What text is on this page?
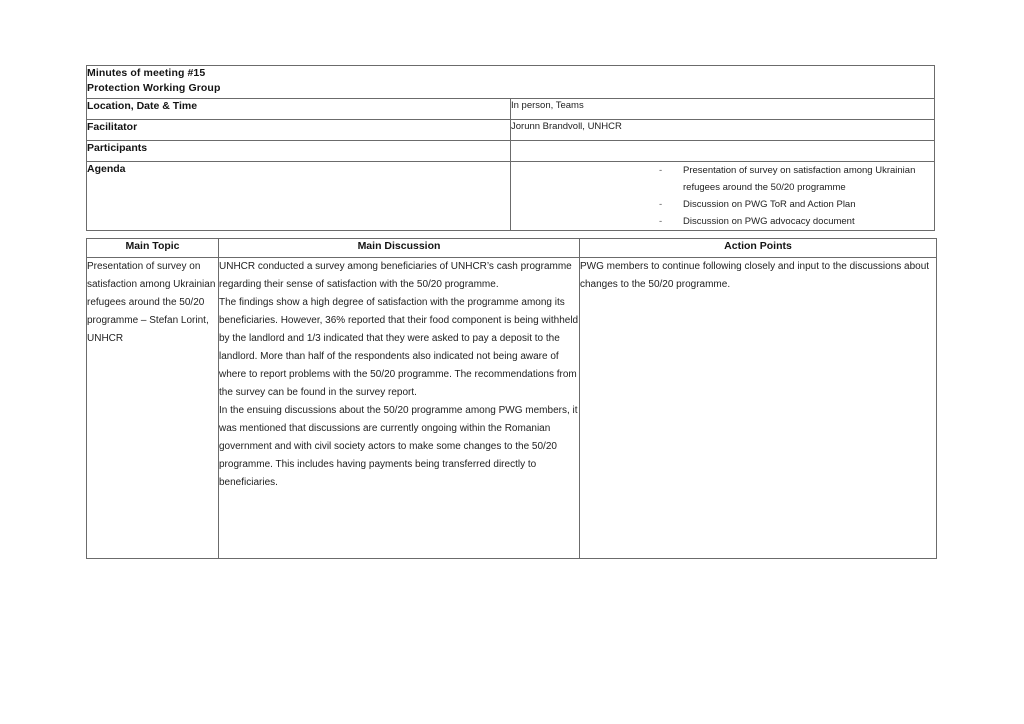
Minutes of meeting #15
Protection Working Group	

Location, Date & Time	In person, Teams

Facilitator	Jorunn Brandvoll, UNHCR

Participants	

Agenda	-	Presentation of survey on satisfaction among Ukrainian refugees around the 50/20 programme
-	Discussion on PWG ToR and Action Plan
-	Discussion on PWG advocacy document
Main Topic	Main Discussion	Action Points

Presentation of survey on satisfaction among Ukrainian refugees around the 50/20 programme – Stefan Lorint, UNHCR	UNHCR conducted a survey among beneficiaries of UNHCR’s cash programme regarding their sense of satisfaction with the 50/20 programme.

The findings show a high degree of satisfaction with the programme among its beneficiaries. However, 36% reported that their food component is being withheld by the landlord and 1/3 indicated that they were asked to pay a deposit to the landlord. More than half of the respondents also indicated not being aware of where to report problems with the 50/20 programme. The recommendations from the survey can be found in the survey report.

In the ensuing discussions about the 50/20 programme among PWG members, it was mentioned that discussions are currently ongoing within the Romanian government and with civil society actors to make some changes to the 50/20 programme. This includes having payments being transferred directly to beneficiaries.	PWG members to continue following closely and input to the discussions about changes to the 50/20 programme.
